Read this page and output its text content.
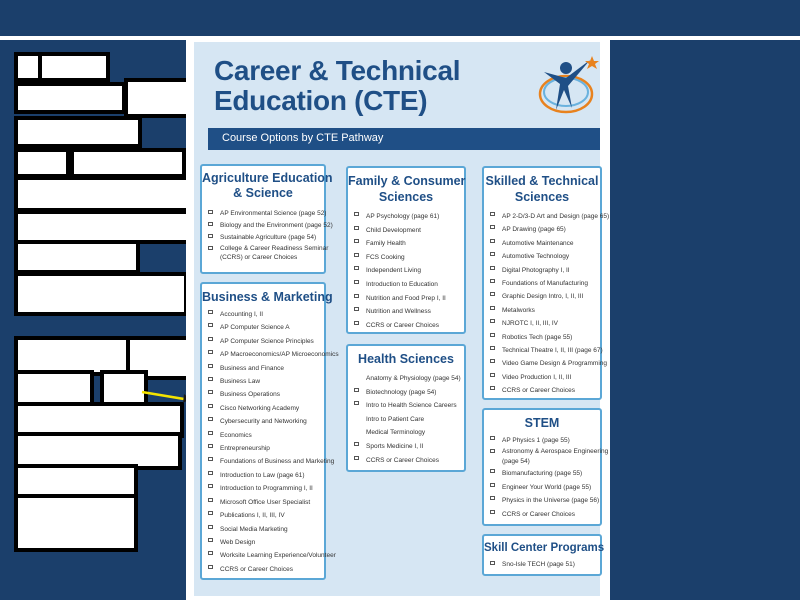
Career & Technical
Education (CTE)
Course Options by CTE Pathway
Agriculture Education
& Science
AP Environmental Science (page 52)
Biology and the Environment (page 52)
Sustainable Agriculture (page 54)
College & Career Readiness Seminar
(CCRS) or Career Choices
Business & Marketing
Accounting I, II
AP Computer Science A
AP Computer Science Principles
AP Macroeconomics/AP Microeconomics
Business and Finance
Business Law
Business Operations
Cisco Networking Academy
Cybersecurity and Networking
Economics
Entrepreneurship
Foundations of Business and Marketing
Introduction to Law (page 61)
Introduction to Programming I, II
Microsoft Office User Specialist
Publications I, II, III, IV
Social Media Marketing
Web Design
Worksite Learning Experience/Volunteer
CCRS or Career Choices
Family & Consumer
Sciences
AP Psychology (page 61)
Child Development
Family Health
FCS Cooking
Independent Living
Introduction to Education
Nutrition and Food Prep I, II
Nutrition and Wellness
CCRS or Career Choices
Health Sciences
Anatomy & Physiology (page 54)
Biotechnology (page 54)
Intro to Health Science Careers
Intro to Patient Care
Medical Terminology
Sports Medicine I, II
CCRS or Career Choices
Skilled & Technical
Sciences
AP 2-D/3-D Art and Design (page 65)
AP Drawing (page 65)
Automotive Maintenance
Automotive Technology
Digital Photography I, II
Foundations of Manufacturing
Graphic Design Intro, I, II, III
Metalworks
NJROTC I, II, III, IV
Robotics Tech (page 55)
Technical Theatre I, II, III (page 67)
Video Game Design & Programming
Video Production I, II, III
CCRS or Career Choices
STEM
AP Physics 1 (page 55)
Astronomy & Aerospace Engineering
(page 54)
Biomanufacturing (page 55)
Engineer Your World (page 55)
Physics in the Universe (page 56)
CCRS or Career Choices
Skill Center Programs
Sno-Isle TECH (page 51)
